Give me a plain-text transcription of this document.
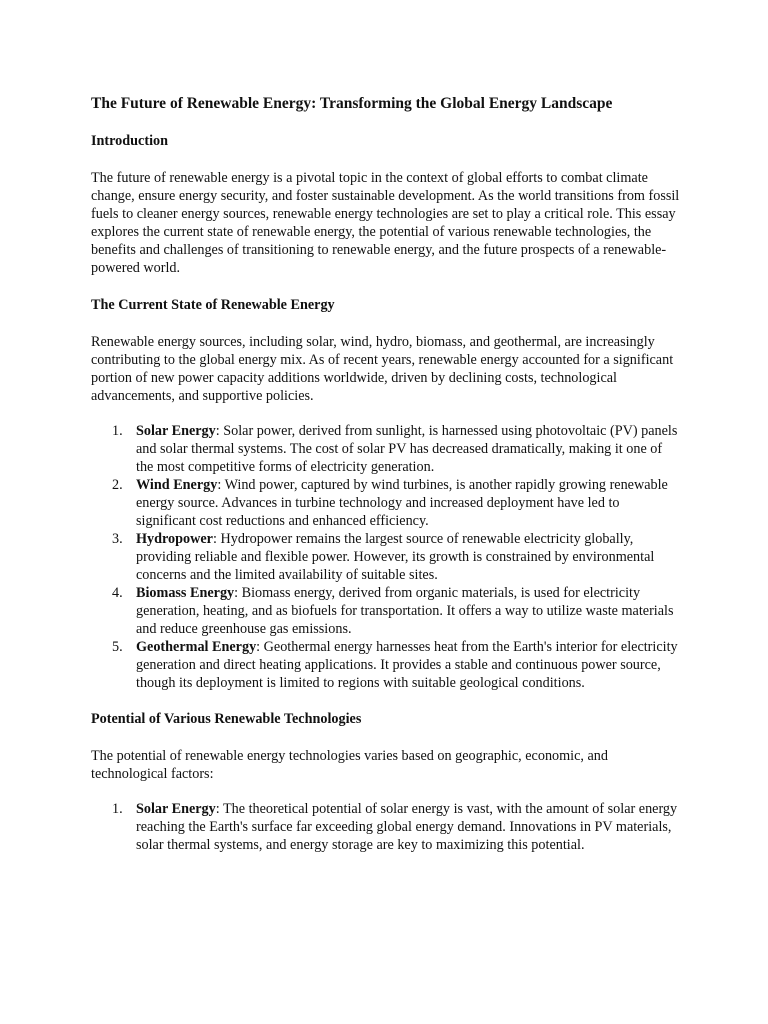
The Future of Renewable Energy: Transforming the Global Energy Landscape
Introduction

The future of renewable energy is a pivotal topic in the context of global efforts to combat climate change, ensure energy security, and foster sustainable development. As the world transitions from fossil fuels to cleaner energy sources, renewable energy technologies are set to play a critical role. This essay explores the current state of renewable energy, the potential of various renewable technologies, the benefits and challenges of transitioning to renewable energy, and the future prospects of a renewable-powered world.

The Current State of Renewable Energy

Renewable energy sources, including solar, wind, hydro, biomass, and geothermal, are increasingly contributing to the global energy mix. As of recent years, renewable energy accounted for a significant portion of new power capacity additions worldwide, driven by declining costs, technological advancements, and supportive policies.

1. Solar Energy: Solar power, derived from sunlight, is harnessed using photovoltaic (PV) panels and solar thermal systems. The cost of solar PV has decreased dramatically, making it one of the most competitive forms of electricity generation.
2. Wind Energy: Wind power, captured by wind turbines, is another rapidly growing renewable energy source. Advances in turbine technology and increased deployment have led to significant cost reductions and enhanced efficiency.
3. Hydropower: Hydropower remains the largest source of renewable electricity globally, providing reliable and flexible power. However, its growth is constrained by environmental concerns and the limited availability of suitable sites.
4. Biomass Energy: Biomass energy, derived from organic materials, is used for electricity generation, heating, and as biofuels for transportation. It offers a way to utilize waste materials and reduce greenhouse gas emissions.
5. Geothermal Energy: Geothermal energy harnesses heat from the Earth's interior for electricity generation and direct heating applications. It provides a stable and continuous power source, though its deployment is limited to regions with suitable geological conditions.
Potential of Various Renewable Technologies

The potential of renewable energy technologies varies based on geographic, economic, and technological factors:

1. Solar Energy: The theoretical potential of solar energy is vast, with the amount of solar energy reaching the Earth's surface far exceeding global energy demand. Innovations in PV materials, solar thermal systems, and energy storage are key to maximizing this potential.
